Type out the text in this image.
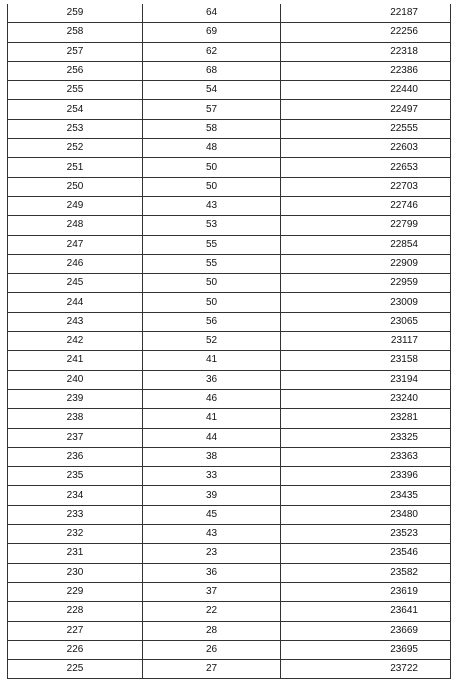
259	64	22187
258	69	22256
257	62	22318
256	68	22386
255	54	22440
254	57	22497
253	58	22555
252	48	22603
251	50	22653
250	50	22703
249	43	22746
248	53	22799
247	55	22854
246	55	22909
245	50	22959
244	50	23009
243	56	23065
242	52	23117
241	41	23158
240	36	23194
239	46	23240
238	41	23281
237	44	23325
236	38	23363
235	33	23396
234	39	23435
233	45	23480
232	43	23523
231	23	23546
230	36	23582
229	37	23619
228	22	23641
227	28	23669
226	26	23695
225	27	23722
